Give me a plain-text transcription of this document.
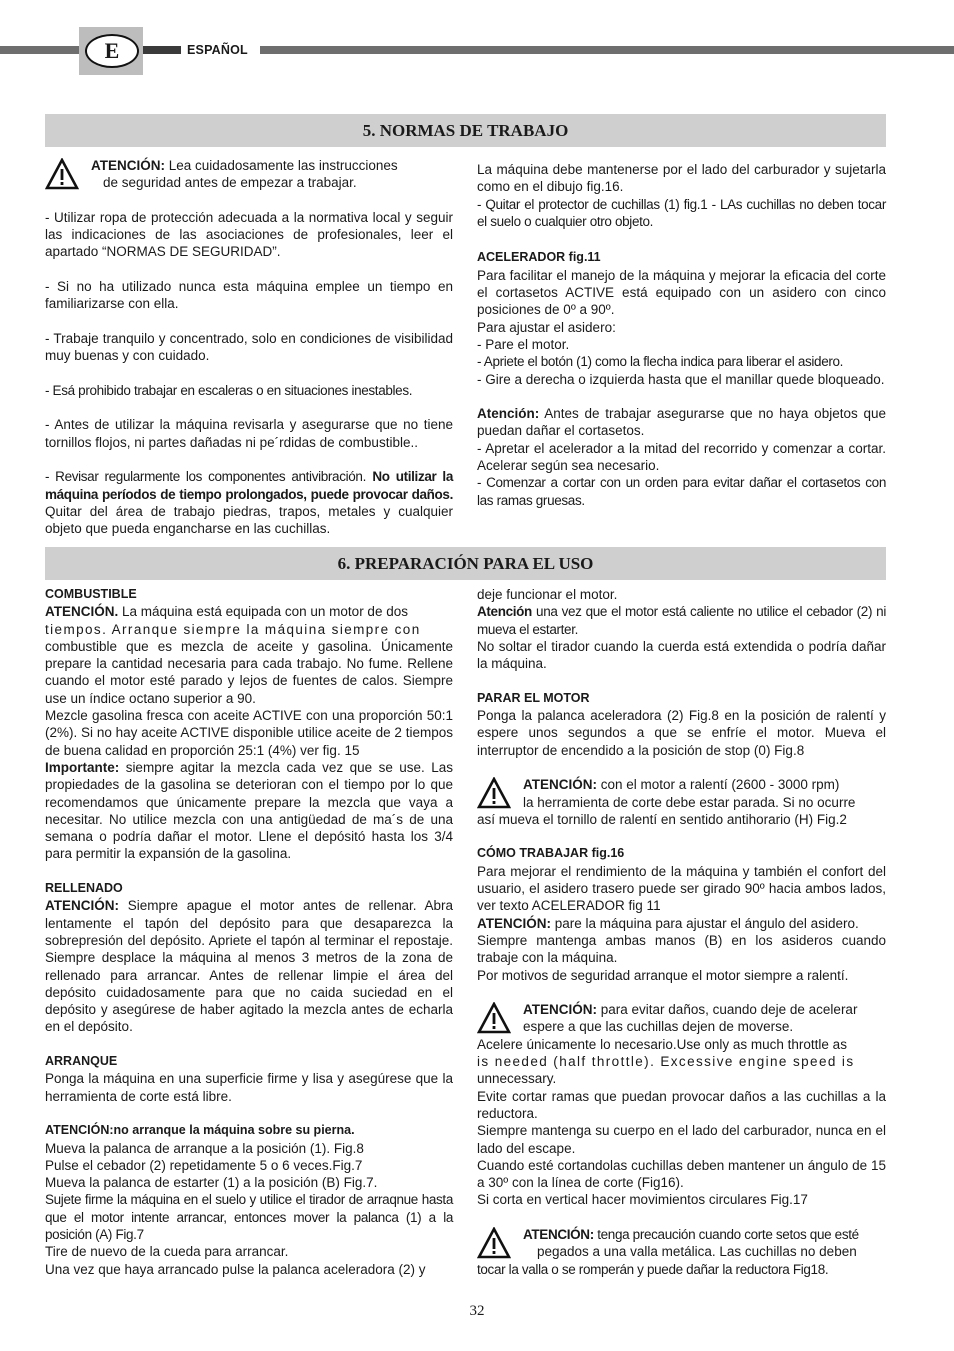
E	ESPAÑOL
5. NORMAS DE TRABAJO

ATENCIÓN: Lea cuidadosamente las instrucciones

de seguridad antes de empezar a trabajar.

- Utilizar ropa de protección adecuada a la normativa local y seguir las indicaciones de las asociaciones de profesionales, leer el apartado “NORMAS DE SEGURIDAD”.

- Si no ha utilizado nunca esta máquina emplee un tiempo en familiarizarse con ella.

- Trabaje tranquilo y concentrado, solo en condiciones de visibilidad muy buenas y con cuidado.

- Esá prohibido trabajar en escaleras o en situaciones inestables.

- Antes de utilizar la máquina revisarla y asegurarse que no tiene tornillos flojos, ni partes dañadas ni pe´rdidas de combustible..

- Revisar regularmente los componentes antivibración. No utilizar la máquina períodos de tiempo prolongados, puede provocar daños. Quitar del área de trabajo piedras, trapos, metales y cualquier objeto que pueda engancharse en las cuchillas.

La máquina debe mantenerse por el lado del carburador y sujetarla como en el dibujo fig.16.

- Quitar el protector de cuchillas (1) fig.1 - LAs cuchillas no deben tocar el suelo o cualquier otro objeto.

ACELERADOR fig.11

Para facilitar el manejo de la máquina y mejorar la eficacia del corte el cortasetos ACTIVE está equipado con un asidero con cinco posiciones de 0º a 90º.

Para ajustar el asidero:

- Pare el motor.

- Apriete el botón (1) como la flecha indica para liberar el asidero.

- Gire a derecha o izquierda hasta que el manillar quede bloqueado.

Atención: Antes de trabajar asegurarse que no haya objetos que puedan dañar el cortasetos.

- Apretar el acelerador a la mitad del recorrido y comenzar a cortar. Acelerar según sea necesario.

- Comenzar a cortar con un orden para evitar dañar el cortasetos con las ramas gruesas.

6. PREPARACIÓN PARA EL USO

COMBUSTIBLE

ATENCIÓN. La máquina está equipada con un motor de dos

tiempos. Arranque siempre la máquina siempre con

combustible que es mezcla de aceite y gasolina. Únicamente prepare la cantidad necesaria para cada trabajo. No fume. Rellene cuando el motor esté parado y lejos de fuentes de calos. Siempre use un índice octano superior a 90.

Mezcle gasolina fresca con aceite ACTIVE con una proporción 50:1 (2%). Si no hay aceite ACTIVE disponible utilice aceite de 2 tiempos de buena calidad en proporción 25:1 (4%) ver fig. 15

Importante: siempre agitar la mezcla cada vez que se use. Las propiedades de la gasolina se deterioran con el tiempo por lo que recomendamos que únicamente prepare la mezcla que vaya a necesitar. No utilice mezcla con una antigüedad de ma´s de una semana o podría dañar el motor. Llene el depósitó hasta los 3/4 para permitir la expansión de la gasolina.

RELLENADO

ATENCIÓN: Siempre apague el motor antes de rellenar. Abra lentamente el tapón del depósito para que desaparezca la sobrepresión del depósito. Apriete el tapón al terminar el repostaje. Siempre desplace la máquina al menos 3 metros de la zona de rellenado para arrancar. Antes de rellenar limpie el área del depósito cuidadosamente para que no caida suciedad en el depósito y asegúrese de haber agitado la mezcla antes de echarla en el depósito.

ARRANQUE

Ponga la máquina en una superficie firme y lisa y asegúrese que la herramienta de corte está libre.

ATENCIÓN:no arranque la máquina sobre su pierna.

Mueva la palanca de arranque a la posición (1). Fig.8

Pulse el cebador (2) repetidamente 5 o 6 veces.Fig.7

Mueva la palanca de estarter (1) a la posición (B) Fig.7.

Sujete firme la máquina en el suelo y utilice el tirador de arraqnue hasta que el motor intente arrancar, entonces mover la palanca (1) a la posición (A) Fig.7

Tire de nuevo de la cueda para arrancar.

Una vez que haya arrancado pulse la palanca aceleradora (2) y

deje funcionar el motor.

Atención una vez que el motor está caliente no utilice el cebador (2) ni mueva el estarter.

No soltar el tirador cuando la cuerda está extendida o podría dañar la máquina.

PARAR EL MOTOR

Ponga la palanca aceleradora (2) Fig.8 en la posición de ralentí y espere unos segundos a que se enfríe el motor. Mueva el interruptor de encendido a la posición de stop (0) Fig.8

ATENCIÓN: con el motor a ralentí (2600 - 3000 rpm)

la herramienta de corte debe estar parada. Si no ocurre

así mueva el tornillo de ralentí en sentido antihorario (H) Fig.2

CÓMO TRABAJAR fig.16

Para mejorar el rendimiento de la máquina y también el confort del usuario, el asidero trasero puede ser girado 90º hacia ambos lados, ver texto ACELERADOR fig 11

ATENCIÓN: pare la máquina para ajustar el ángulo del asidero.

Siempre mantenga ambas manos (B) en los asideros cuando trabaje con la máquina.

Por motivos de seguridad arranque el motor siempre a ralentí.

ATENCIÓN: para evitar daños, cuando deje de acelerar

espere a que las cuchillas dejen de moverse.

Acelere únicamente lo necesario.Use only as much throttle as

is needed (half throttle). Excessive engine speed is

unnecessary.

Evite cortar ramas que puedan provocar daños a las cuchillas a la reductora.

Siempre mantenga su cuerpo en el lado del carburador, nunca en el lado del escape.

Cuando esté cortandolas cuchillas deben mantener un ángulo de 15 a 30º con la línea de corte (Fig16).

Si corta en vertical hacer movimientos circulares Fig.17

ATENCIÓN: tenga precaución cuando corte setos que esté

pegados a una valla metálica. Las cuchillas no deben

tocar la valla o se romperán y puede dañar la reductora Fig18.

32
